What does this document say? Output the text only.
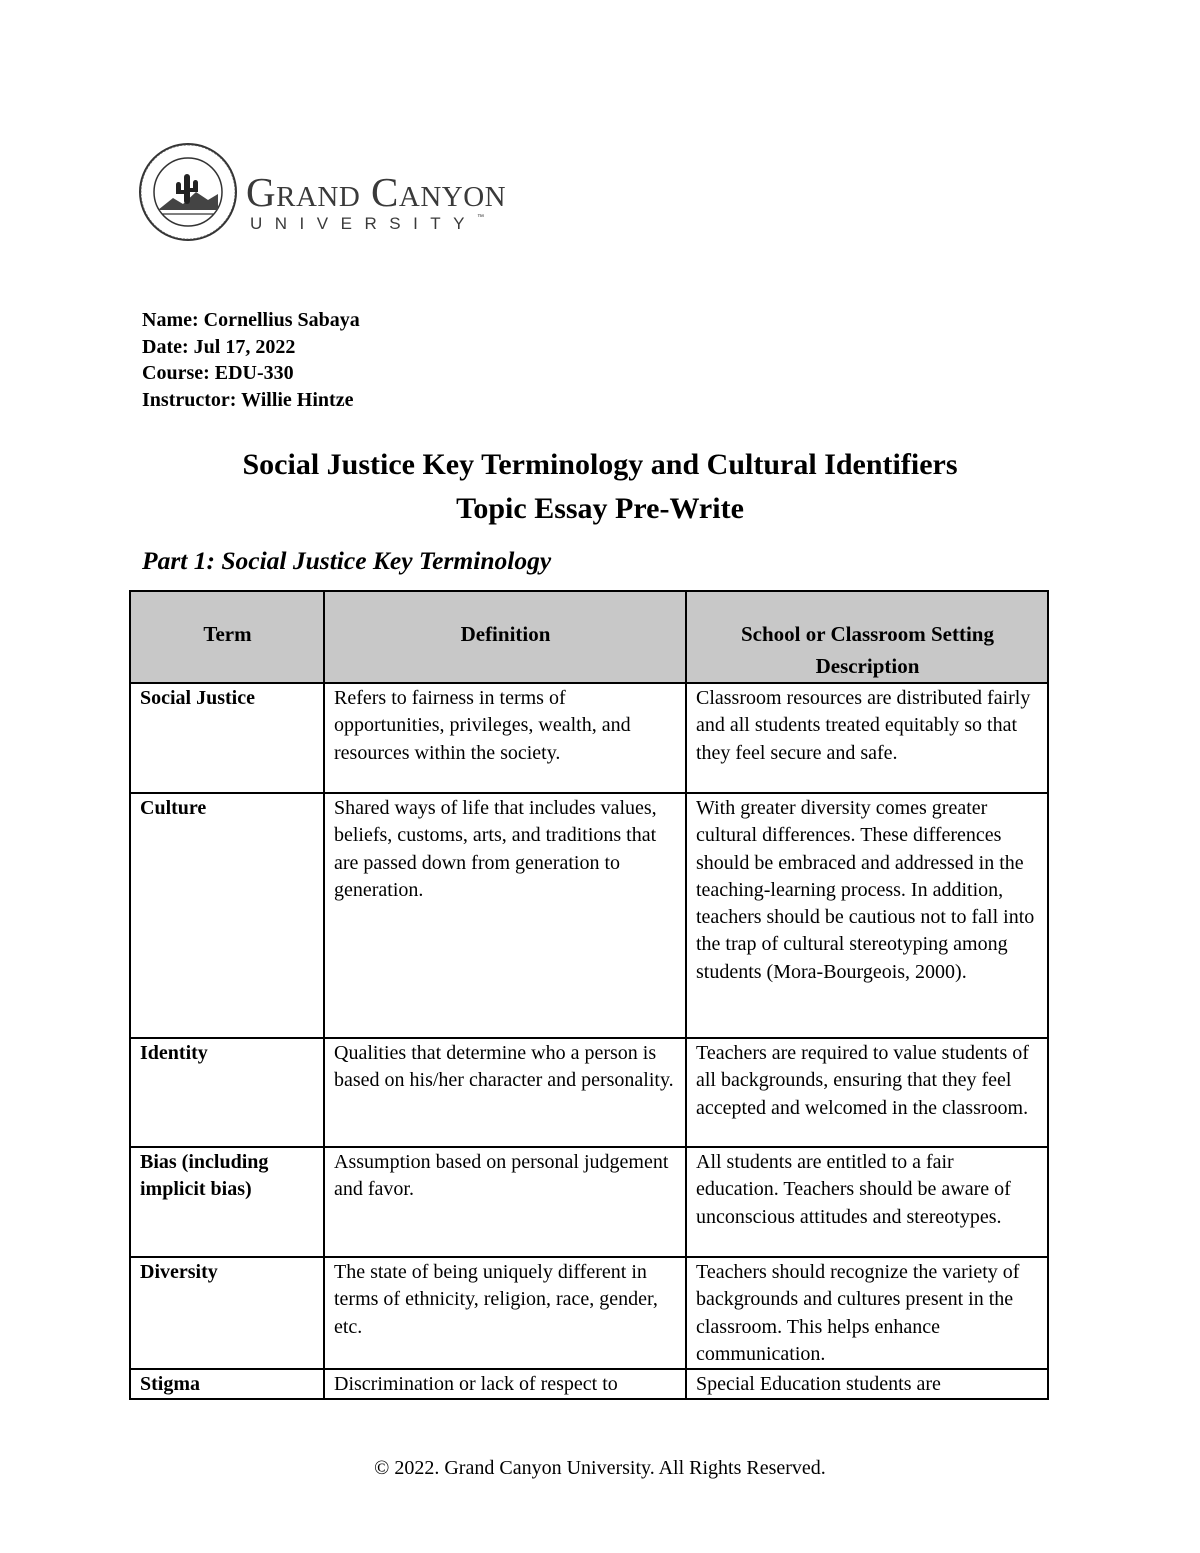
Grand Canyon
UNIVERSITY™
Name: Cornellius Sabaya
Date: Jul 17, 2022
Course: EDU-330
Instructor: Willie Hintze
Social Justice Key Terminology and Cultural Identifiers
Topic Essay Pre-Write
Part 1: Social Justice Key Terminology
Term	Definition	School or Classroom Setting Description
Social Justice	Refers to fairness in terms of opportunities, privileges, wealth, and resources within the society.	Classroom resources are distributed fairly and all students treated equitably so that they feel secure and safe.
Culture	Shared ways of life that includes values, beliefs, customs, arts, and traditions that are passed down from generation to generation.	With greater diversity comes greater cultural differences. These differences should be embraced and addressed in the teaching-learning process. In addition, teachers should be cautious not to fall into the trap of cultural stereotyping among students (Mora-Bourgeois, 2000).
Identity	Qualities that determine who a person is based on his/her character and personality.	Teachers are required to value students of all backgrounds, ensuring that they feel accepted and welcomed in the classroom.
Bias (including implicit bias)	Assumption based on personal judgement and favor.	All students are entitled to a fair education. Teachers should be aware of unconscious attitudes and stereotypes.
Diversity	The state of being uniquely different in terms of ethnicity, religion, race, gender, etc.	Teachers should recognize the variety of backgrounds and cultures present in the classroom. This helps enhance communication.
Stigma	Discrimination or lack of respect to	Special Education students are
© 2022. Grand Canyon University. All Rights Reserved.
